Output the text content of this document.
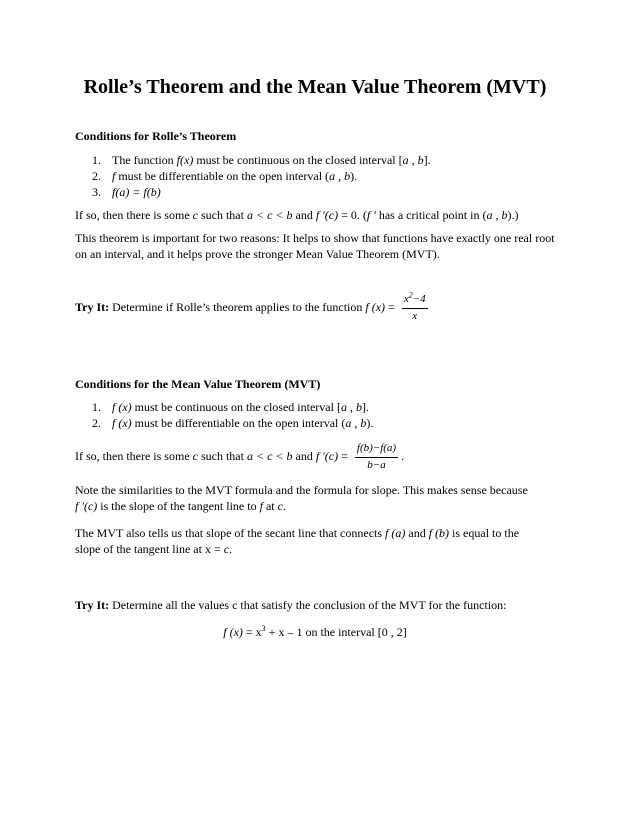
Rolle’s Theorem and the Mean Value Theorem (MVT)
Conditions for Rolle’s Theorem
1. The function f(x) must be continuous on the closed interval [a , b].
2. f must be differentiable on the open interval (a , b).
3. f(a) = f(b)
If so, then there is some c such that a < c < b and f ′(c) = 0. (f ′ has a critical point in (a , b).)
This theorem is important for two reasons: It helps to show that functions have exactly one real root on an interval, and it helps prove the stronger Mean Value Theorem (MVT).
Try It: Determine if Rolle’s theorem applies to the function f $(x) = \frac{x^2-4}{x}$
Conditions for the Mean Value Theorem (MVT)
1. f (x) must be continuous on the closed interval [a , b].
2. f (x) must be differentiable on the open interval (a , b).
If so, then there is some c such that a < c < b and f $'(c) = \frac{f(b)-f(a)}{b-a}$ .
Note the similarities to the MVT formula and the formula for slope. This makes sense because
f ′(c) is the slope of the tangent line to f at c.
The MVT also tells us that slope of the secant line that connects f (a) and f (b) is equal to the
slope of the tangent line at x = c.
Try It: Determine all the values c that satisfy the conclusion of the MVT for the function:
f $(x) = x^3 + x - 1$ on the interval [0 , 2]
